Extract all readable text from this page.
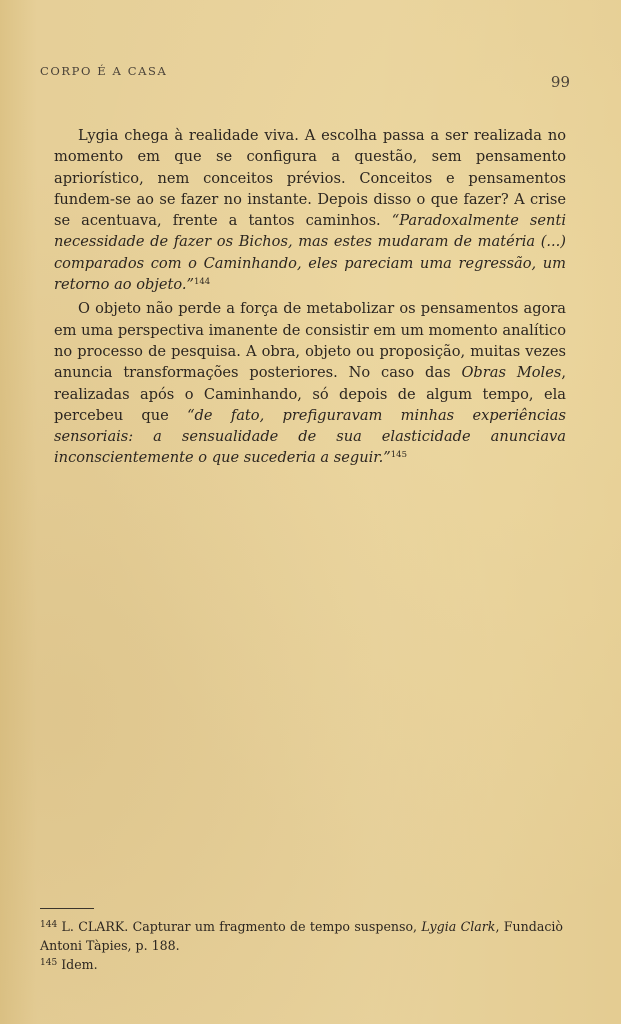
CORPO É A CASA
99

Lygia chega à realidade viva. A escolha passa a ser realizada no momento em que se configura a questão, sem pensamento apriorístico, nem conceitos prévios. Conceitos e pensamentos fundem-se ao se fazer no instante. Depois disso o que fazer? A crise se acentuava, frente a tantos caminhos. “Paradoxalmente senti necessidade de fazer os Bichos, mas estes mudaram de matéria (...) comparados com o Caminhando, eles pareciam uma regressão, um retorno ao objeto.”$^{144}$

O objeto não perde a força de metabolizar os pensamentos agora em uma perspectiva imanente de consistir em um momento analítico no processo de pesquisa. A obra, objeto ou proposição, muitas vezes anuncia transformações posteriores. No caso das Obras Moles, realizadas após o Caminhando, só depois de algum tempo, ela percebeu que “de fato, prefiguravam minhas experiências sensoriais: a sensualidade de sua elasticidade anunciava inconscientemente o que sucederia a seguir.”$^{145}$

$^{144}$ L. CLARK. Capturar um fragmento de tempo suspenso, Lygia Clark, Fundaciò Antoni Tàpies, p. 188.

$^{145}$ Idem.
